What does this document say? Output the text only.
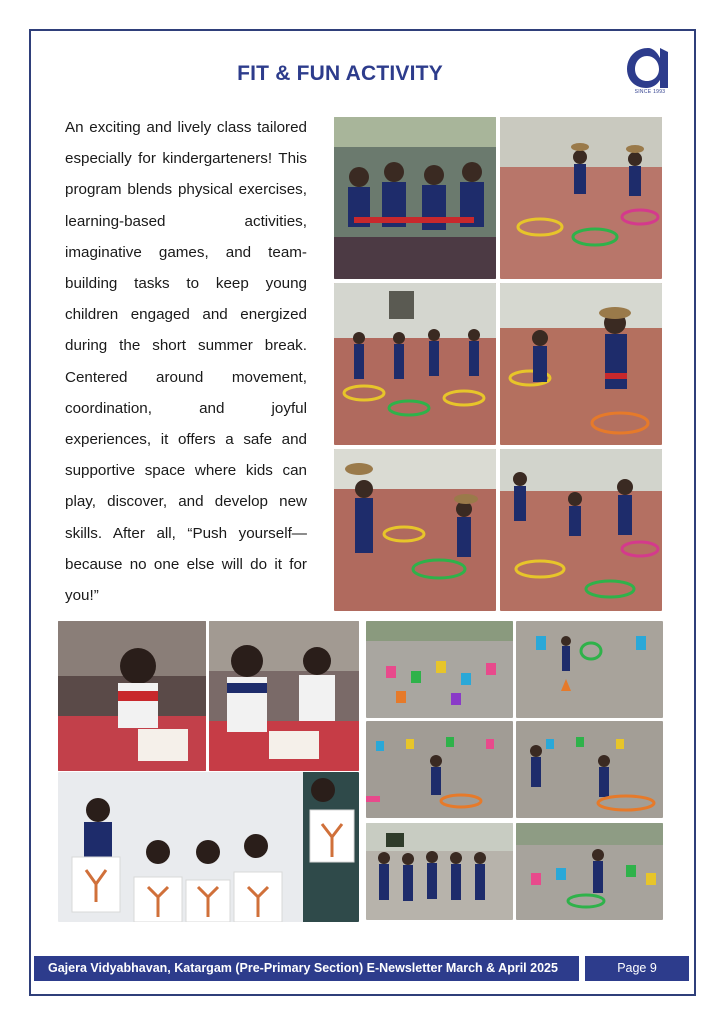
SINCE 1993
FIT & FUN ACTIVITY
An exciting and lively class tailored especially for kindergarteners! This program blends physical exercises, learning-based activities, imaginative games, and team-building tasks to keep young children engaged and energized during the short summer break. Centered around movement, coordination, and joyful experiences, it offers a safe and supportive space where kids can play, discover, and develop new skills. After all, “Push yourself—because no one else will do it for you!”
Gajera Vidyabhavan, Katargam (Pre-Primary Section) E-Newsletter March & April 2025	Page 9
